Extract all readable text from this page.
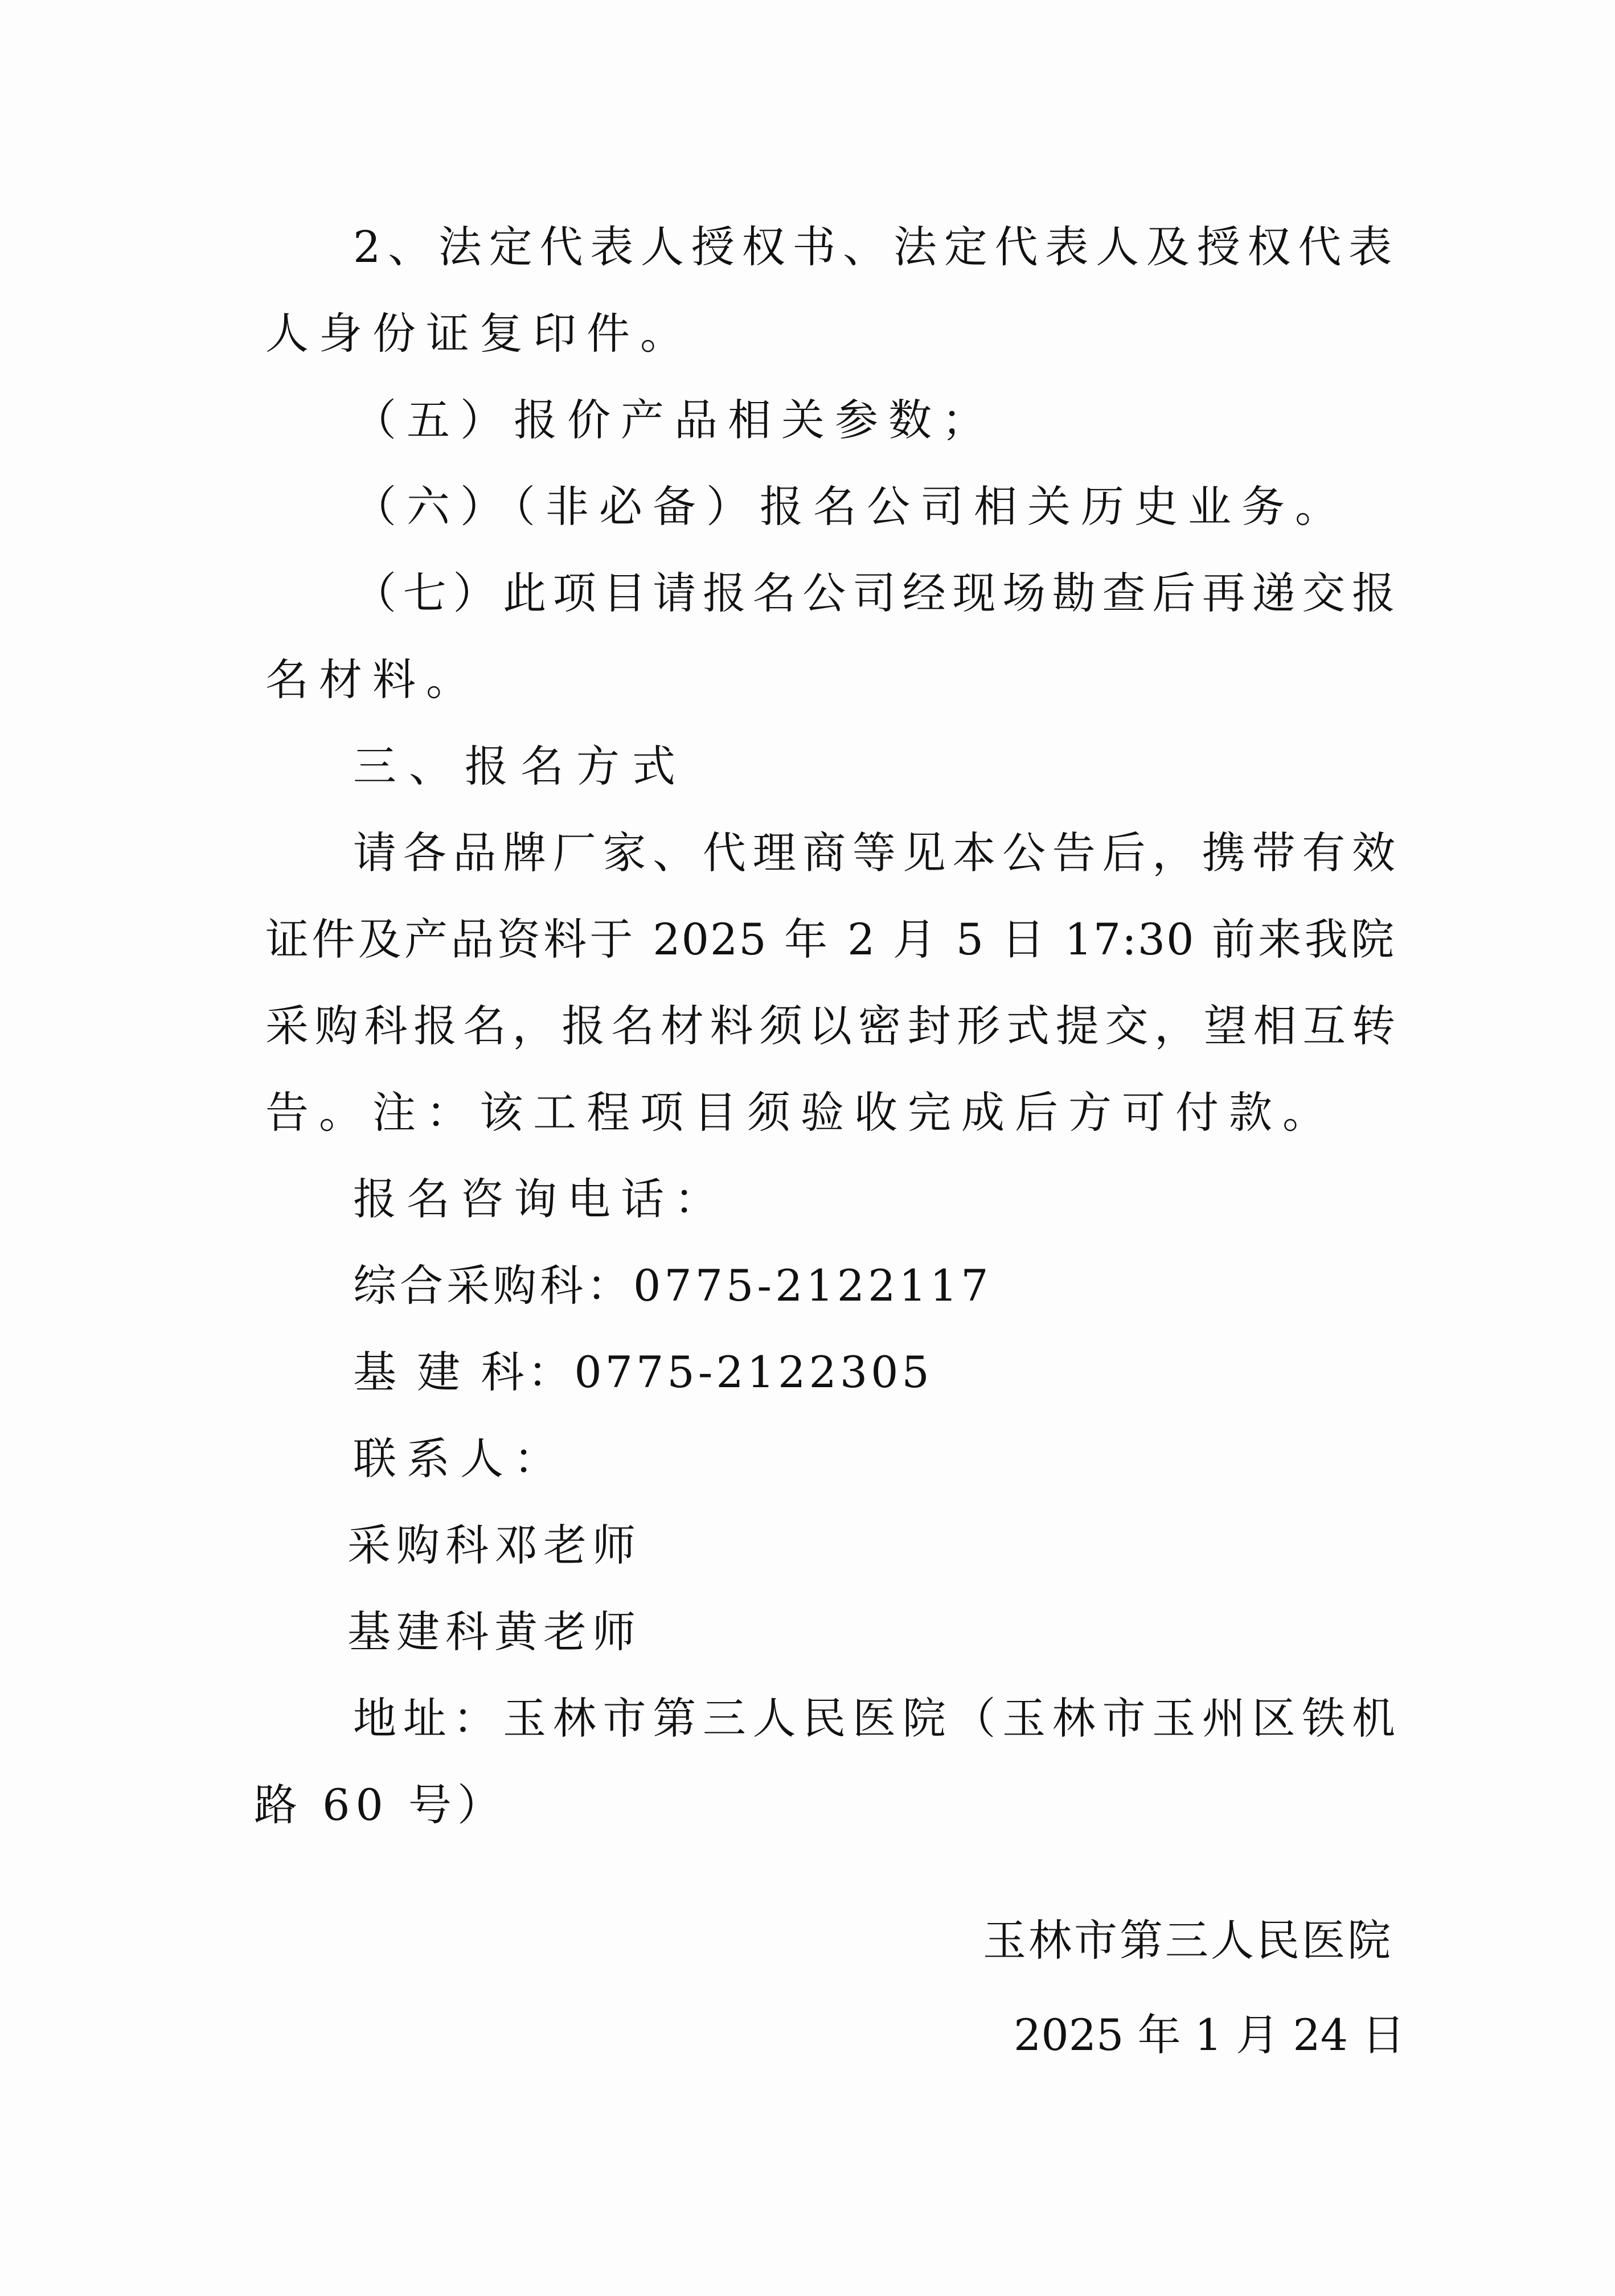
2、法定代表人授权书、法定代表人及授权代表

人身份证复印件。

（五）报价产品相关参数；

（六）（非必备）报名公司相关历史业务。

（七）此项目请报名公司经现场勘查后再递交报

名材料。

三、报名方式

请各品牌厂家、代理商等见本公告后，携带有效

证件及产品资料于 2025 年 2 月 5 日 17:30 前来我院

采购科报名，报名材料须以密封形式提交，望相互转

告。注：该工程项目须验收完成后方可付款。

报名咨询电话：

综合采购科：0775-2122117

基 建 科：0775-2122305

联系人：

采购科邓老师

基建科黄老师

地址：玉林市第三人民医院（玉林市玉州区铁机

路 60 号）

玉林市第三人民医院

2025 年 1 月 24 日
